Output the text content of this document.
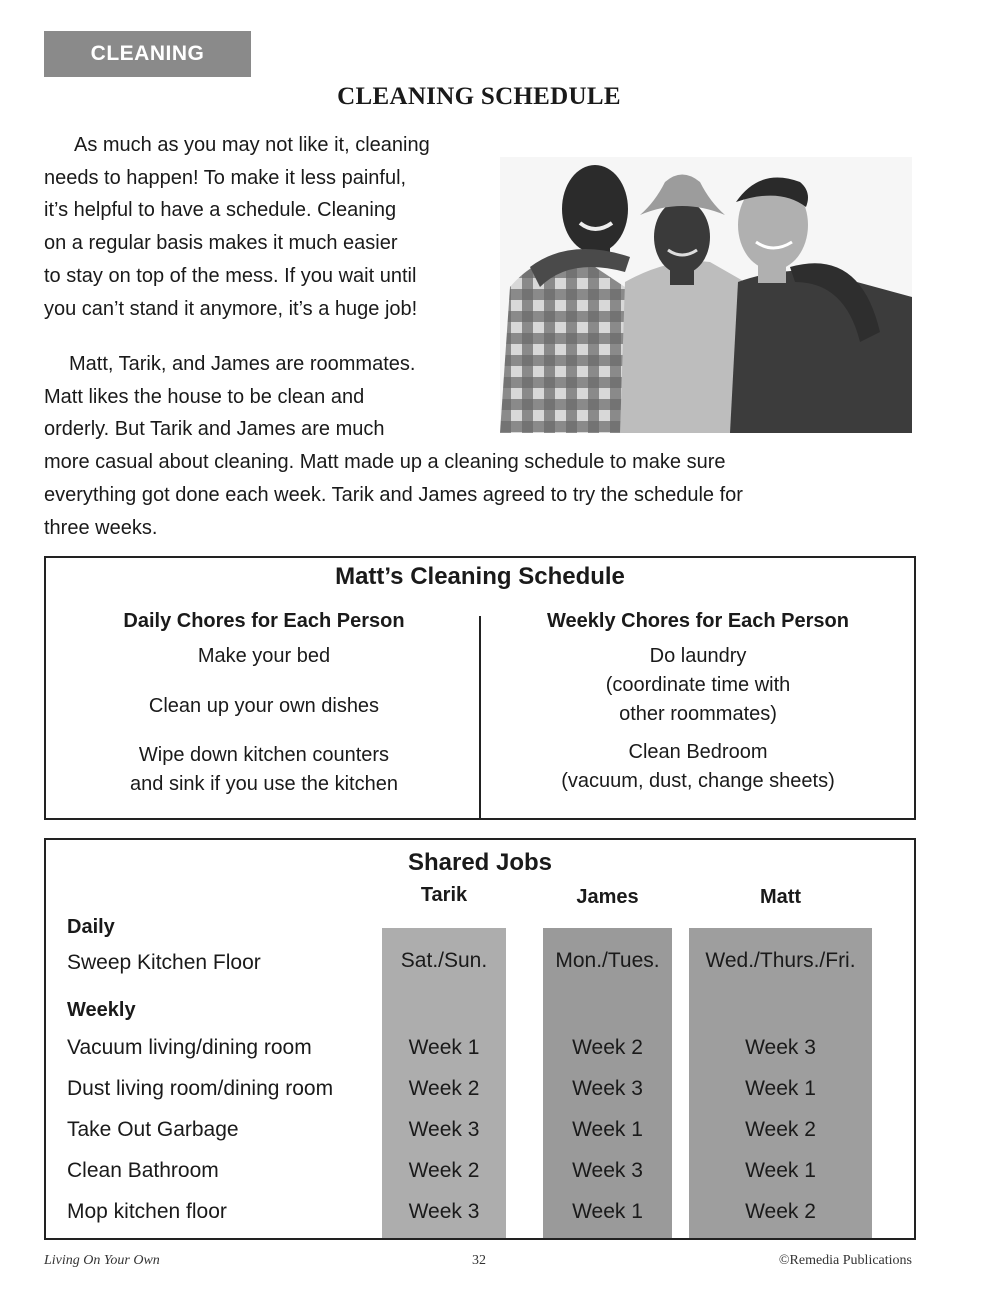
CLEANING
CLEANING SCHEDULE

As much as you may not like it, cleaning
needs to happen! To make it less painful,
it’s helpful to have a schedule. Cleaning
on a regular basis makes it much easier
to stay on top of the mess. If you wait until
you can’t stand it anymore, it’s a huge job!

Matt, Tarik, and James are roommates.
Matt likes the house to be clean and
orderly. But Tarik and James are much
more casual about cleaning. Matt made up a cleaning schedule to make sure
everything got done each week. Tarik and James agreed to try the schedule for
three weeks.

Matt’s Cleaning Schedule
Daily Chores for Each Person
Make your bed
Clean up your own dishes
Wipe down kitchen counters
and sink if you use the kitchen
Weekly Chores for Each Person
Do laundry
(coordinate time with
other roommates)
Clean Bedroom
(vacuum, dust, change sheets)
Shared Jobs
Tarik	James	Matt
Daily
Sweep Kitchen Floor	Sat./Sun.	Mon./Tues.	Wed./Thurs./Fri.
Weekly
Vacuum living/dining room	Week 1	Week 2	Week 3
Dust living room/dining room	Week 2	Week 3	Week 1
Take Out Garbage	Week 3	Week 1	Week 2
Clean Bathroom	Week 2	Week 3	Week 1
Mop kitchen floor	Week 3	Week 1	Week 2
Living On Your Own	32	©Remedia Publications
